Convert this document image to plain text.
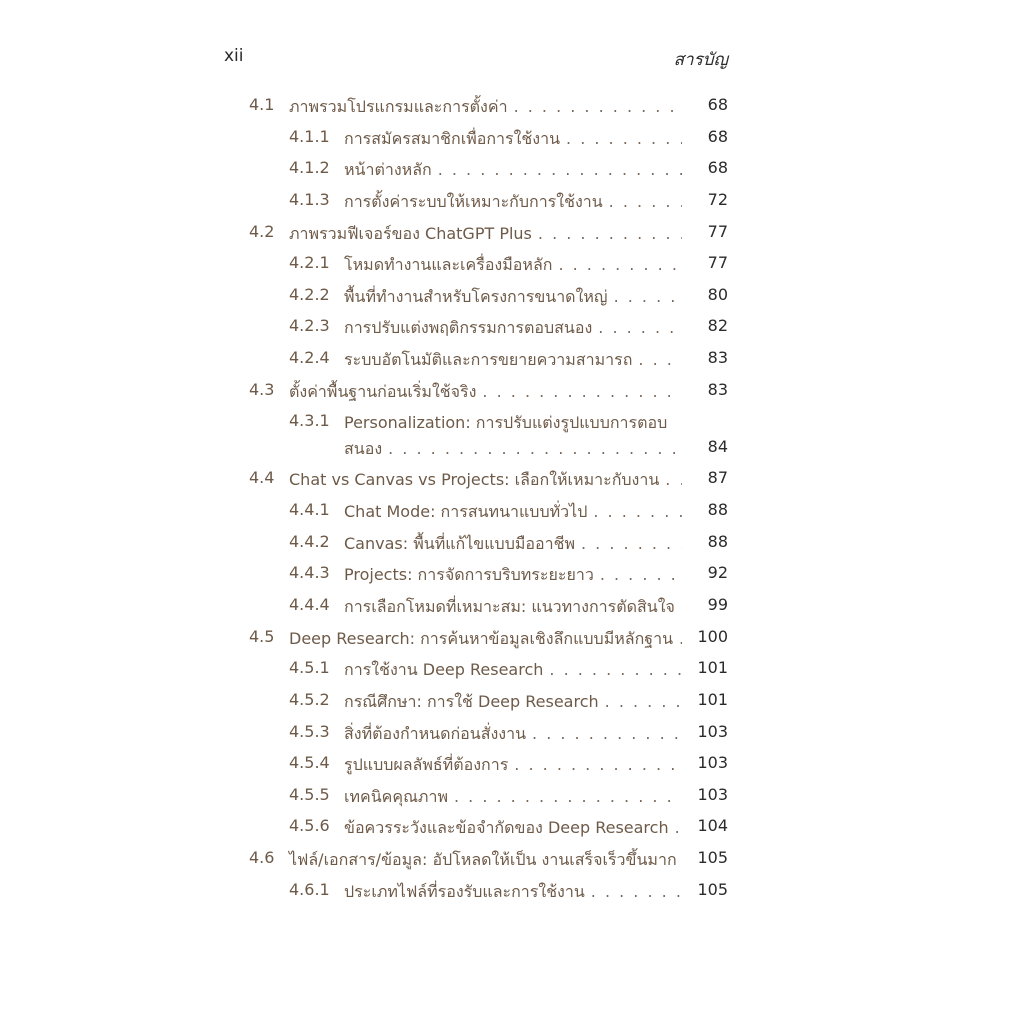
xii	สารบัญ
4.1 ภาพรวมโปรแกรมและการตั้งค่า . . .	68
4.1.1 การสมัครสมาชิกเพื่อการใช้งาน . . .	68
4.1.2 หน้าต่างหลัก . . .	68
4.1.3 การตั้งค่าระบบให้เหมาะกับการใช้งาน . . .	72
4.2 ภาพรวมฟีเจอร์ของ ChatGPT Plus . . .	77
4.2.1 โหมดทำงานและเครื่องมือหลัก . . .	77
4.2.2 พื้นที่ทำงานสำหรับโครงการขนาดใหญ่ . . .	80
4.2.3 การปรับแต่งพฤติกรรมการตอบสนอง . . .	82
4.2.4 ระบบอัตโนมัติและการขยายความสามารถ . . .	83
4.3 ตั้งค่าพื้นฐานก่อนเริ่มใช้จริง . . .	83
4.3.1 Personalization: การปรับแต่งรูปแบบการตอบ
สนอง . . .	84
4.4 Chat vs Canvas vs Projects: เลือกให้เหมาะกับงาน . . .	87
4.4.1 Chat Mode: การสนทนาแบบทั่วไป . . .	88
4.4.2 Canvas: พื้นที่แก้ไขแบบมืออาชีพ . . .	88
4.4.3 Projects: การจัดการบริบทระยะยาว . . .	92
4.4.4 การเลือกโหมดที่เหมาะสม: แนวทางการตัดสินใจ . . .	99
4.5 Deep Research: การค้นหาข้อมูลเชิงลึกแบบมีหลักฐาน . . .	100
4.5.1 การใช้งาน Deep Research . . .	101
4.5.2 กรณีศึกษา: การใช้ Deep Research . . .	101
4.5.3 สิ่งที่ต้องกำหนดก่อนสั่งงาน . . .	103
4.5.4 รูปแบบผลลัพธ์ที่ต้องการ . . .	103
4.5.5 เทคนิคคุณภาพ . . .	103
4.5.6 ข้อควรระวังและข้อจำกัดของ Deep Research . . .	104
4.6 ไฟล์/เอกสาร/ข้อมูล: อัปโหลดให้เป็น งานเสร็จเร็วขึ้นมาก	105
4.6.1 ประเภทไฟล์ที่รองรับและการใช้งาน . . .	105
